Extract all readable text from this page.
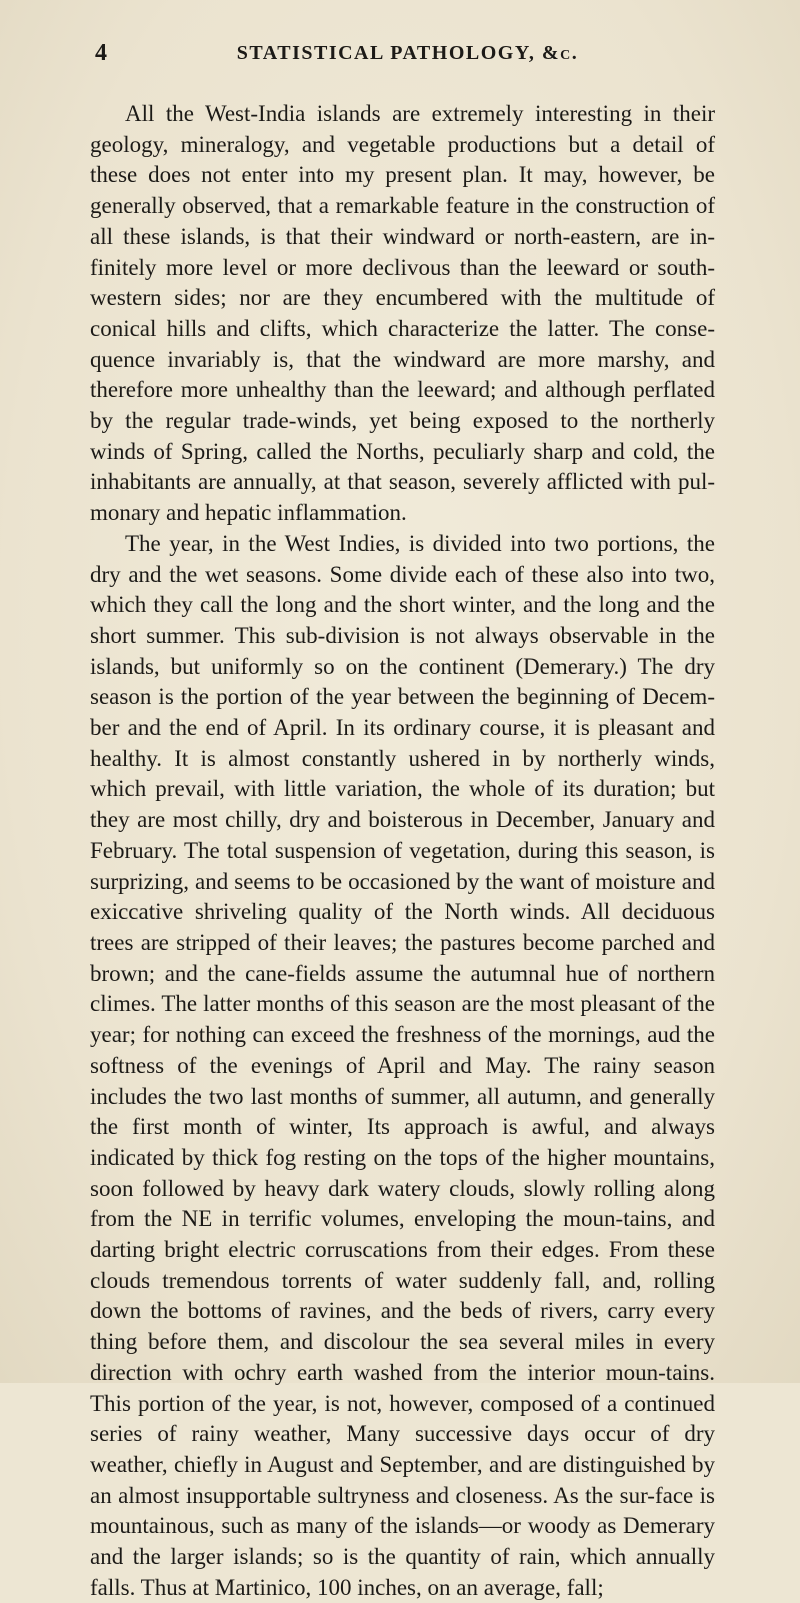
4	STATISTICAL PATHOLOGY, &c.

All the West-India islands are extremely interesting in their geology, mineralogy, and vegetable productions but a detail of these does not enter into my present plan. It may, however, be generally observed, that a remarkable feature in the construction of all these islands, is that their windward or north-eastern, are in-finitely more level or more declivous than the leeward or south-western sides; nor are they encumbered with the multitude of conical hills and clifts, which characterize the latter. The conse-quence invariably is, that the windward are more marshy, and therefore more unhealthy than the leeward; and although perflated by the regular trade-winds, yet being exposed to the northerly winds of Spring, called the Norths, peculiarly sharp and cold, the inhabitants are annually, at that season, severely afflicted with pul-monary and hepatic inflammation.

The year, in the West Indies, is divided into two portions, the dry and the wet seasons. Some divide each of these also into two, which they call the long and the short winter, and the long and the short summer. This sub-division is not always observable in the islands, but uniformly so on the continent (Demerary.) The dry season is the portion of the year between the beginning of Decem-ber and the end of April. In its ordinary course, it is pleasant and healthy. It is almost constantly ushered in by northerly winds, which prevail, with little variation, the whole of its duration; but they are most chilly, dry and boisterous in December, January and February. The total suspension of vegetation, during this season, is surprizing, and seems to be occasioned by the want of moisture and exiccative shriveling quality of the North winds. All deciduous trees are stripped of their leaves; the pastures become parched and brown; and the cane-fields assume the autumnal hue of northern climes. The latter months of this season are the most pleasant of the year; for nothing can exceed the freshness of the mornings, aud the softness of the evenings of April and May. The rainy season includes the two last months of summer, all autumn, and generally the first month of winter, Its approach is awful, and always indicated by thick fog resting on the tops of the higher mountains, soon followed by heavy dark watery clouds, slowly rolling along from the NE in terrific volumes, enveloping the moun-tains, and darting bright electric corruscations from their edges. From these clouds tremendous torrents of water suddenly fall, and, rolling down the bottoms of ravines, and the beds of rivers, carry every thing before them, and discolour the sea several miles in every direction with ochry earth washed from the interior moun-tains. This portion of the year, is not, however, composed of a continued series of rainy weather, Many successive days occur of dry weather, chiefly in August and September, and are distinguished by an almost insupportable sultryness and closeness. As the sur-face is mountainous, such as many of the islands—or woody as Demerary and the larger islands; so is the quantity of rain, which annually falls. Thus at Martinico, 100 inches, on an average, fall;
